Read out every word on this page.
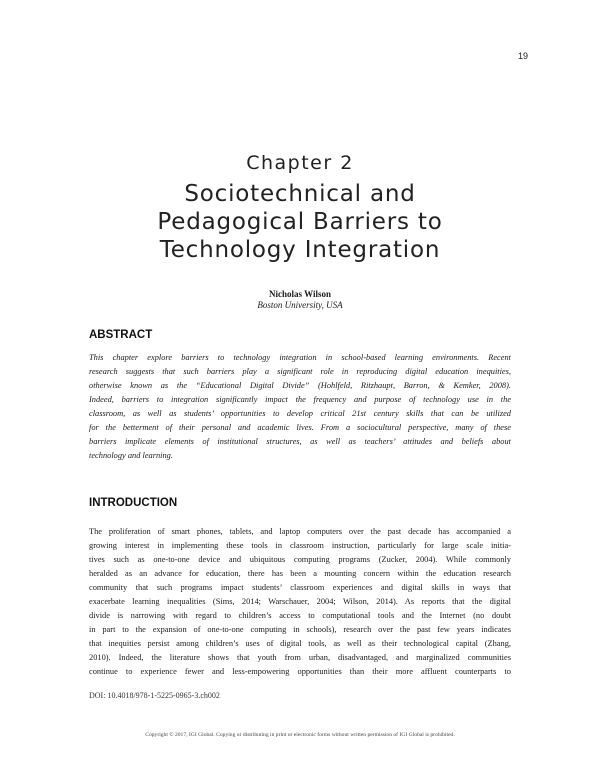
19
Chapter 2
Sociotechnical and
Pedagogical Barriers to
Technology Integration
Nicholas Wilson
Boston University, USA
ABSTRACT
This chapter explore barriers to technology integration in school-based learning environments. Recent
research suggests that such barriers play a significant role in reproducing digital education inequities,
otherwise known as the “Educational Digital Divide” (Hohlfeld, Ritzhaupt, Barron, & Kemker, 2008).
Indeed, barriers to integration significantly impact the frequency and purpose of technology use in the
classroom, as well as students’ opportunities to develop critical 21st century skills that can be utilized
for the betterment of their personal and academic lives. From a sociocultural perspective, many of these
barriers implicate elements of institutional structures, as well as teachers’ attitudes and beliefs about
technology and learning.
INTRODUCTION
The proliferation of smart phones, tablets, and laptop computers over the past decade has accompanied a
growing interest in implementing these tools in classroom instruction, particularly for large scale initia-
tives such as one-to-one device and ubiquitous computing programs (Zucker, 2004). While commonly
heralded as an advance for education, there has been a mounting concern within the education research
community that such programs impact students’ classroom experiences and digital skills in ways that
exacerbate learning inequalities (Sims, 2014; Warschauer, 2004; Wilson, 2014). As reports that the digital
divide is narrowing with regard to children’s access to computational tools and the Internet (no doubt
in part to the expansion of one-to-one computing in schools), research over the past few years indicates
that inequities persist among children’s uses of digital tools, as well as their technological capital (Zhang,
2010). Indeed, the literature shows that youth from urban, disadvantaged, and marginalized communities
continue to experience fewer and less-empowering opportunities than their more affluent counterparts to
DOI: 10.4018/978-1-5225-0965-3.ch002
Copyright © 2017, IGI Global. Copying or distributing in print or electronic forms without written permission of IGI Global is prohibited.
